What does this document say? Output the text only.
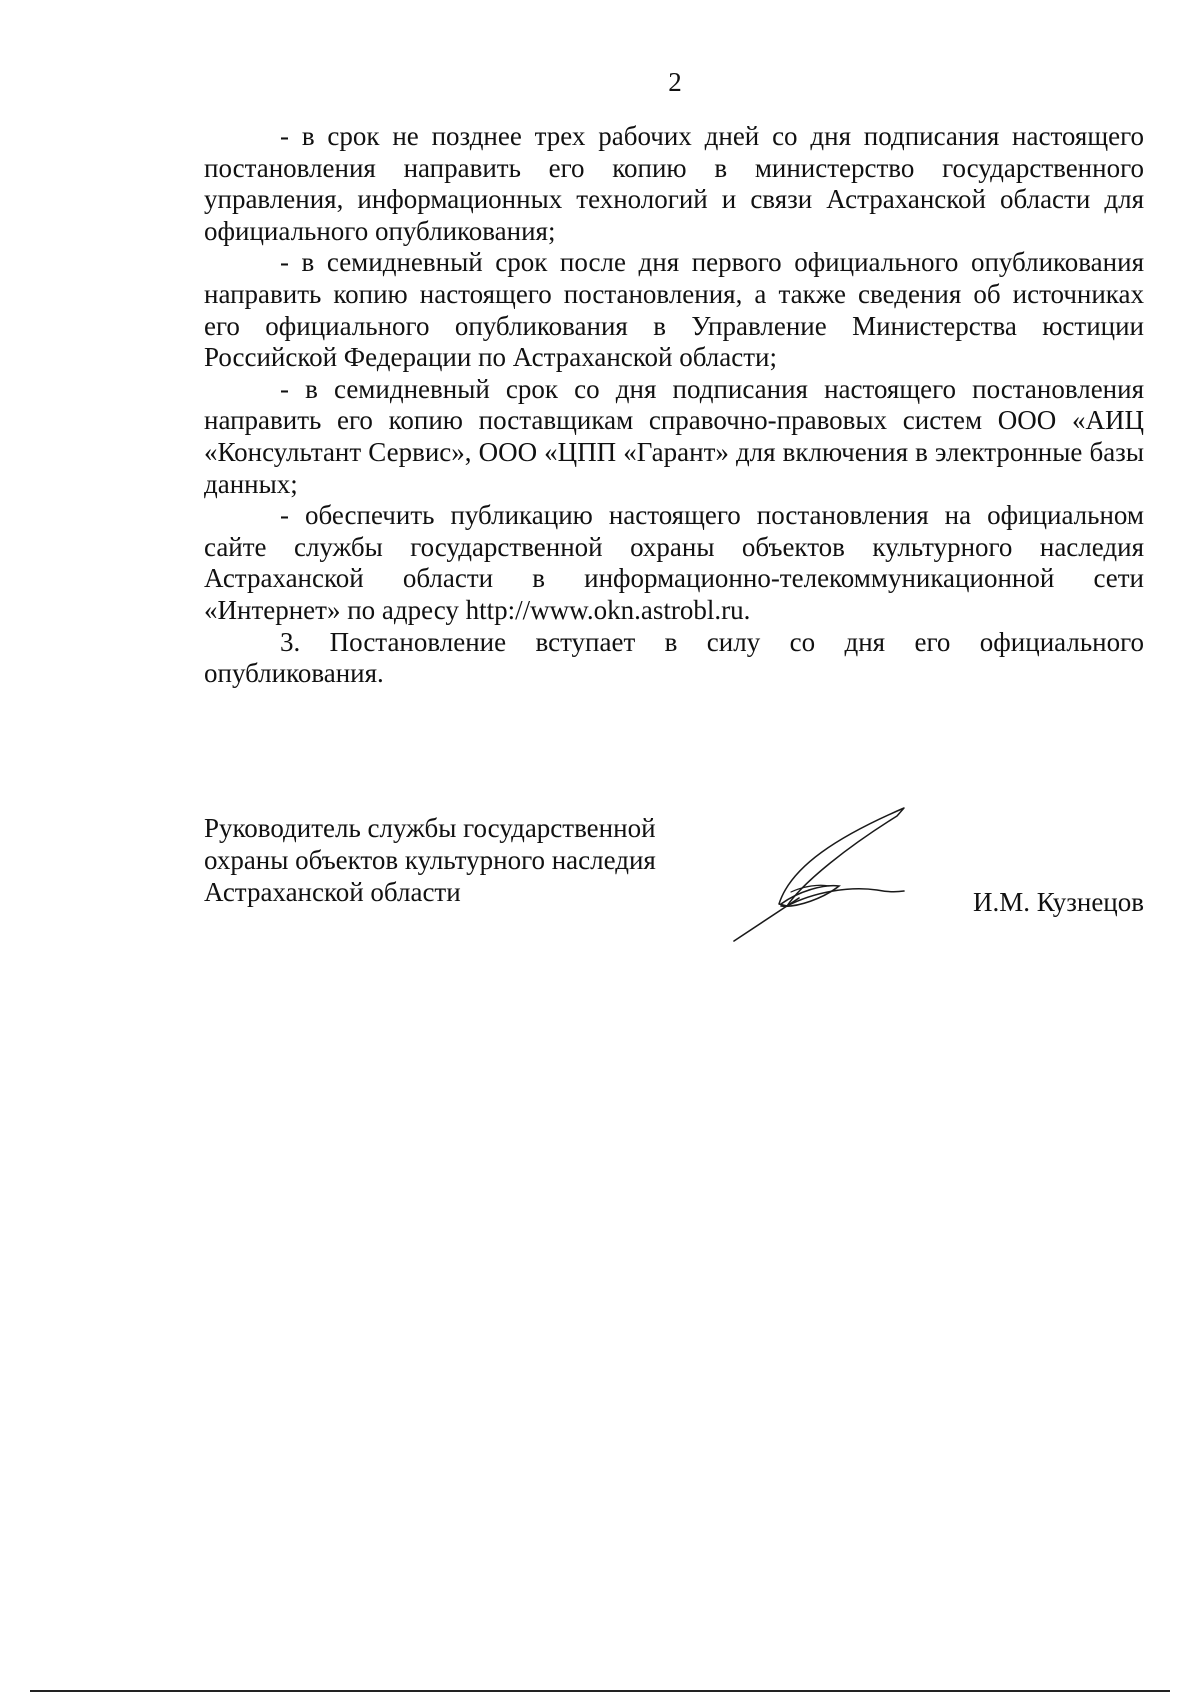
2

- в срок не позднее трех рабочих дней со дня подписания настоящего постановления направить его копию в министерство государственного управления, информационных технологий и связи Астраханской области для официального опубликования;

- в семидневный срок после дня первого официального опубликования направить копию настоящего постановления, а также сведения об источниках его официального опубликования в Управление Министерства юстиции Российской Федерации по Астраханской области;

- в семидневный срок со дня подписания настоящего постановления направить его копию поставщикам справочно-правовых систем ООО «АИЦ «Консультант Сервис», ООО «ЦПП «Гарант» для включения в электронные базы данных;

- обеспечить публикацию настоящего постановления на официальном сайте службы государственной охраны объектов культурного наследия Астраханской области в информационно-телекоммуникационной сети «Интернет» по адресу http://www.okn.astrobl.ru.

3. Постановление вступает в силу со дня его официального опубликования.

Руководитель службы государственной
охраны объектов культурного наследия
Астраханской области	И.М. Кузнецов
